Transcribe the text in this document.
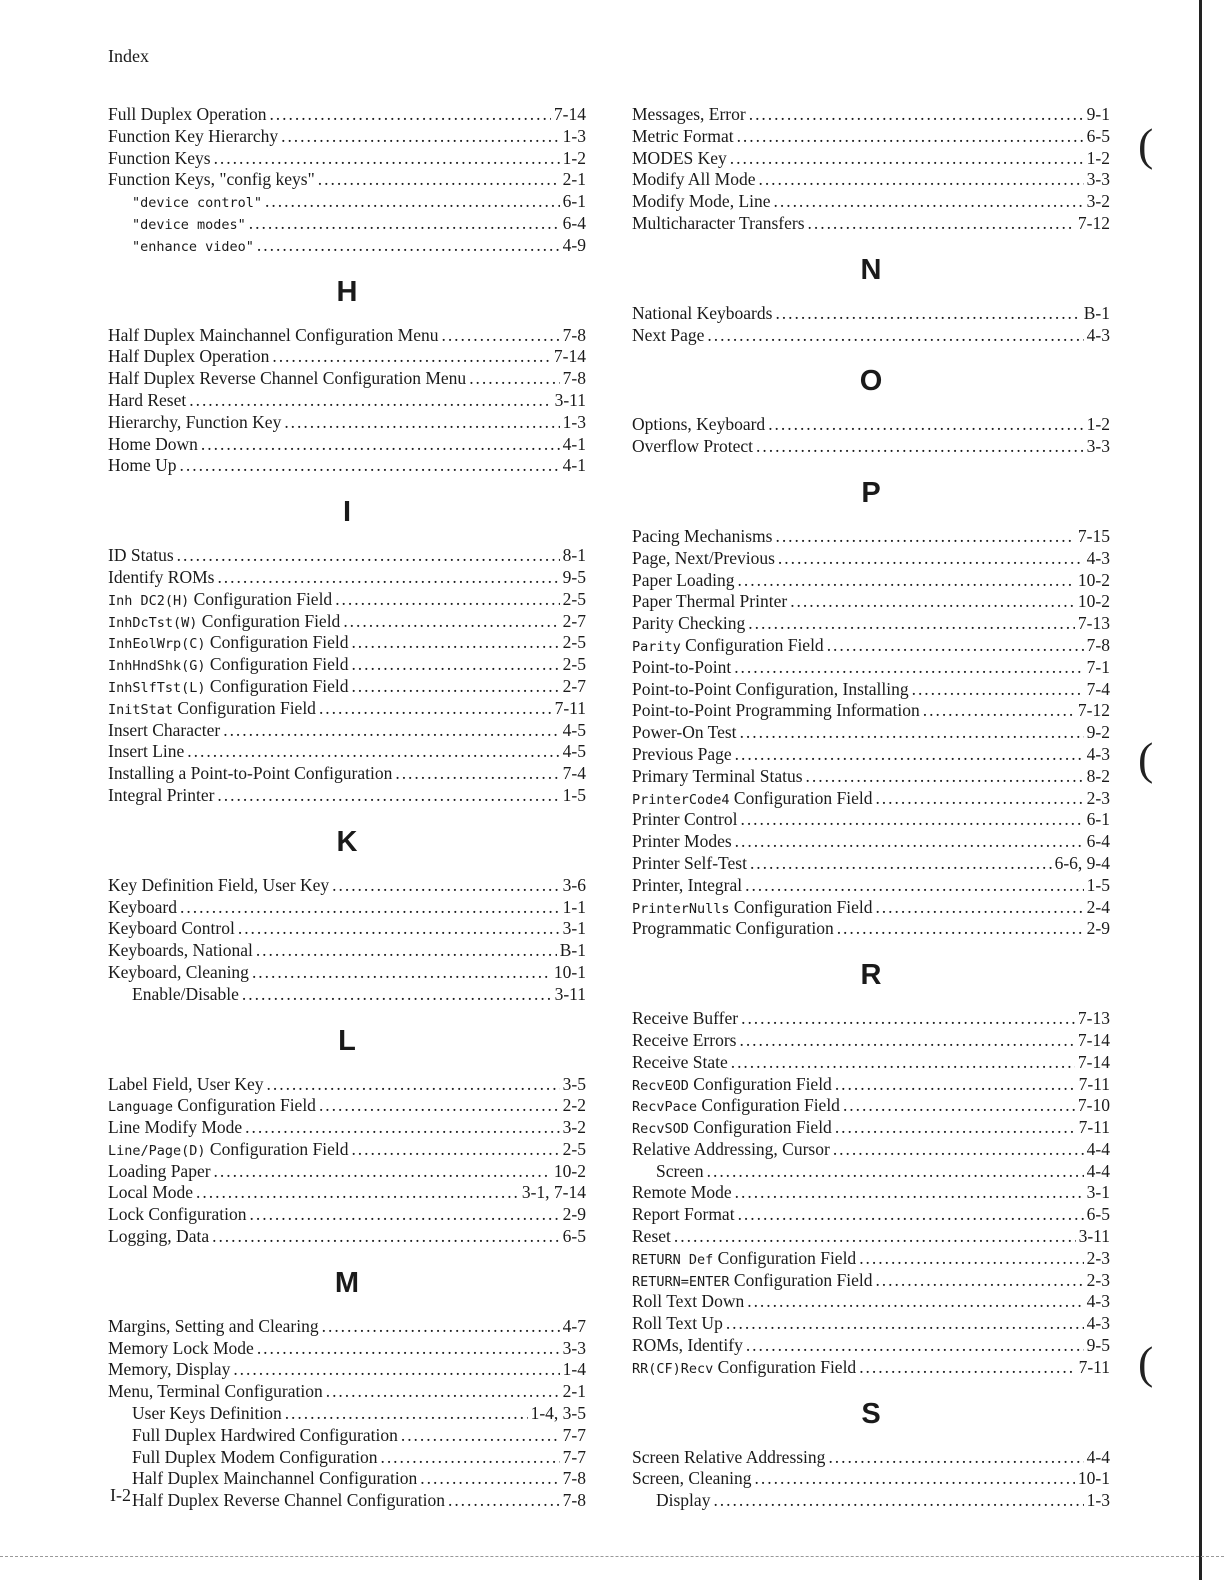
Index
Full Duplex Operation . . .	7-14
Function Key Hierarchy . . .	1-3
Function Keys . . .	1-2
Function Keys, "config keys" . . .	2-1
"device control" . . .	6-1
"device modes" . . .	6-4
"enhance video" . . .	4-9
H
Half Duplex Mainchannel Configuration Menu . . .	7-8
Half Duplex Operation . . .	7-14
Half Duplex Reverse Channel Configuration Menu . . .	7-8
Hard Reset . . .	3-11
Hierarchy, Function Key . . .	1-3
Home Down . . .	4-1
Home Up . . .	4-1
I
ID Status . . .	8-1
Identify ROMs . . .	9-5
Inh DC2(H) Configuration Field . . .	2-5
InhDcTst(W) Configuration Field . . .	2-7
InhEolWrp(C) Configuration Field . . .	2-5
InhHndShk(G) Configuration Field . . .	2-5
InhSlfTst(L) Configuration Field . . .	2-7
InitStat Configuration Field . . .	7-11
Insert Character . . .	4-5
Insert Line . . .	4-5
Installing a Point-to-Point Configuration . . .	7-4
Integral Printer . . .	1-5
K
Key Definition Field, User Key . . .	3-6
Keyboard . . .	1-1
Keyboard Control . . .	3-1
Keyboards, National . . .	B-1
Keyboard, Cleaning . . .	10-1
Enable/Disable . . .	3-11
L
Label Field, User Key . . .	3-5
Language Configuration Field . . .	2-2
Line Modify Mode . . .	3-2
Line/Page(D) Configuration Field . . .	2-5
Loading Paper . . .	10-2
Local Mode . . .	3-1, 7-14
Lock Configuration . . .	2-9
Logging, Data . . .	6-5
M
Margins, Setting and Clearing . . .	4-7
Memory Lock Mode . . .	3-3
Memory, Display . . .	1-4
Menu, Terminal Configuration . . .	2-1
User Keys Definition . . .	1-4, 3-5
Full Duplex Hardwired Configuration . . .	7-7
Full Duplex Modem Configuration . . .	7-7
Half Duplex Mainchannel Configuration . . .	7-8
Half Duplex Reverse Channel Configuration . . .	7-8
Messages, Error . . .	9-1
Metric Format . . .	6-5
MODES Key . . .	1-2
Modify All Mode . . .	3-3
Modify Mode, Line . . .	3-2
Multicharacter Transfers . . .	7-12
N
National Keyboards . . .	B-1
Next Page . . .	4-3
O
Options, Keyboard . . .	1-2
Overflow Protect . . .	3-3
P
Pacing Mechanisms . . .	7-15
Page, Next/Previous . . .	4-3
Paper Loading . . .	10-2
Paper Thermal Printer . . .	10-2
Parity Checking . . .	7-13
Parity Configuration Field . . .	7-8
Point-to-Point . . .	7-1
Point-to-Point Configuration, Installing . . .	7-4
Point-to-Point Programming Information . . .	7-12
Power-On Test . . .	9-2
Previous Page . . .	4-3
Primary Terminal Status . . .	8-2
PrinterCode4 Configuration Field . . .	2-3
Printer Control . . .	6-1
Printer Modes . . .	6-4
Printer Self-Test . . .	6-6, 9-4
Printer, Integral . . .	1-5
PrinterNulls Configuration Field . . .	2-4
Programmatic Configuration . . .	2-9
R
Receive Buffer . . .	7-13
Receive Errors . . .	7-14
Receive State . . .	7-14
RecvEOD Configuration Field . . .	7-11
RecvPace Configuration Field . . .	7-10
RecvSOD Configuration Field . . .	7-11
Relative Addressing, Cursor . . .	4-4
Screen . . .	4-4
Remote Mode . . .	3-1
Report Format . . .	6-5
Reset . . .	3-11
RETURN Def Configuration Field . . .	2-3
RETURN=ENTER Configuration Field . . .	2-3
Roll Text Down . . .	4-3
Roll Text Up . . .	4-3
ROMs, Identify . . .	9-5
RR(CF)Recv Configuration Field . . .	7-11
S
Screen Relative Addressing . . .	4-4
Screen, Cleaning . . .	10-1
Display . . .	1-3
I-2
(
(
(
